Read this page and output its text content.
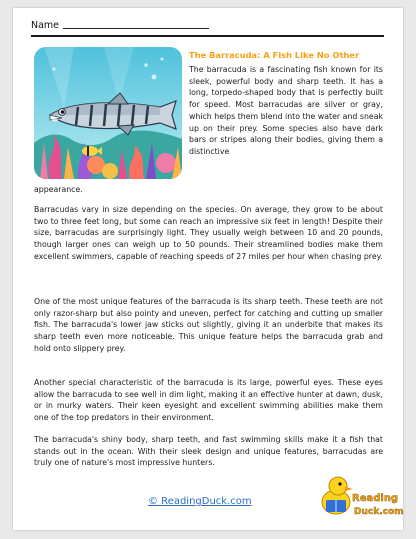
Name
The Barracuda: A Fish Like No Other

The barracuda is a fascinating fish known for its sleek, powerful body and sharp teeth. It has a long, torpedo-shaped body that is perfectly built for speed. Most barracudas are silver or gray, which helps them blend into the water and sneak up on their prey. Some species also have dark bars or stripes along their bodies, giving them a distinctive

appearance.

Barracudas vary in size depending on the species. On average, they grow to be about two to three feet long, but some can reach an impressive six feet in length! Despite their size, barracudas are surprisingly light. They usually weigh between 10 and 20 pounds, though larger ones can weigh up to 50 pounds. Their streamlined bodies make them excellent swimmers, capable of reaching speeds of 27 miles per hour when chasing prey.

One of the most unique features of the barracuda is its sharp teeth. These teeth are not only razor-sharp but also pointy and uneven, perfect for catching and cutting up smaller fish. The barracuda's lower jaw sticks out slightly, giving it an underbite that makes its sharp teeth even more noticeable. This unique feature helps the barracuda grab and hold onto slippery prey.

Another special characteristic of the barracuda is its large, powerful eyes. These eyes allow the barracuda to see well in dim light, making it an effective hunter at dawn, dusk, or in murky waters. Their keen eyesight and excellent swimming abilities make them one of the top predators in their environment.

The barracuda's shiny body, sharp teeth, and fast swimming skills make it a fish that stands out in the ocean. With their sleek design and unique features, barracudas are truly one of nature's most impressive hunters.

© ReadingDuck.com	Reading
Duck.com
